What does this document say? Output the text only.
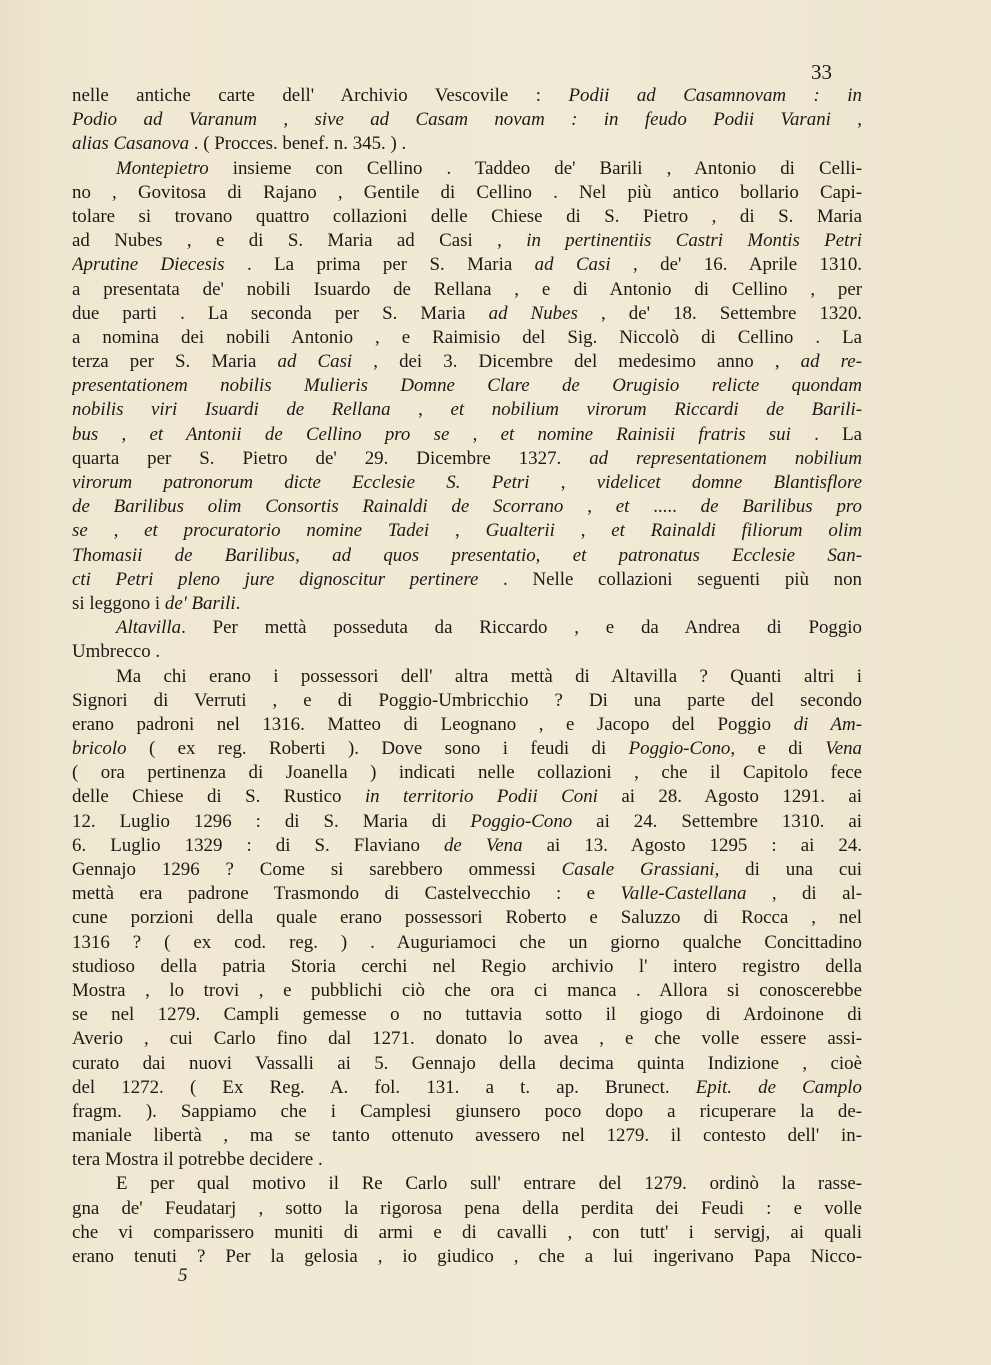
33
nelle antiche carte dell' Archivio Vescovile : Podii ad Casamnovam : in
Podio ad Varanum , sive ad Casam novam : in feudo Podii Varani ,
alias Casanova . ( Procces. benef. n. 345. ) .
Montepietro insieme con Cellino . Taddeo de' Barili , Antonio di Celli-
no , Govitosa di Rajano , Gentile di Cellino . Nel più antico bollario Capi-
tolare si trovano quattro collazioni delle Chiese di S. Pietro , di S. Maria
ad Nubes , e di S. Maria ad Casi , in pertinentiis Castri Montis Petri
Aprutine Diecesis . La prima per S. Maria ad Casi , de' 16. Aprile 1310.
a presentata de' nobili Isuardo de Rellana , e di Antonio di Cellino , per
due parti . La seconda per S. Maria ad Nubes , de' 18. Settembre 1320.
a nomina dei nobili Antonio , e Raimisio del Sig. Niccolò di Cellino . La
terza per S. Maria ad Casi , dei 3. Dicembre del medesimo anno , ad re-
presentationem nobilis Mulieris Domne Clare de Orugisio relicte quondam
nobilis viri Isuardi de Rellana , et nobilium virorum Riccardi de Barili-
bus , et Antonii de Cellino pro se , et nomine Rainisii fratris sui . La
quarta per S. Pietro de' 29. Dicembre 1327. ad representationem nobilium
virorum patronorum dicte Ecclesie S. Petri , videlicet domne Blantisflore
de Barilibus olim Consortis Rainaldi de Scorrano , et ..... de Barilibus pro
se , et procuratorio nomine Tadei , Gualterii , et Rainaldi filiorum olim
Thomasii de Barilibus, ad quos presentatio, et patronatus Ecclesie San-
cti Petri pleno jure dignoscitur pertinere . Nelle collazioni seguenti più non
si leggono i de' Barili.
Altavilla. Per mettà posseduta da Riccardo , e da Andrea di Poggio
Umbrecco .
Ma chi erano i possessori dell' altra mettà di Altavilla ? Quanti altri i
Signori di Verruti , e di Poggio-Umbricchio ? Di una parte del secondo
erano padroni nel 1316. Matteo di Leognano , e Jacopo del Poggio di Am-
bricolo ( ex reg. Roberti ). Dove sono i feudi di Poggio-Cono, e di Vena
( ora pertinenza di Joanella ) indicati nelle collazioni , che il Capitolo fece
delle Chiese di S. Rustico in territorio Podii Coni ai 28. Agosto 1291. ai
12. Luglio 1296 : di S. Maria di Poggio-Cono ai 24. Settembre 1310. ai
6. Luglio 1329 : di S. Flaviano de Vena ai 13. Agosto 1295 : ai 24.
Gennajo 1296 ? Come si sarebbero ommessi Casale Grassiani, di una cui
mettà era padrone Trasmondo di Castelvecchio : e Valle-Castellana , di al-
cune porzioni della quale erano possessori Roberto e Saluzzo di Rocca , nel
1316 ? ( ex cod. reg. ) . Auguriamoci che un giorno qualche Concittadino
studioso della patria Storia cerchi nel Regio archivio l' intero registro della
Mostra , lo trovi , e pubblichi ciò che ora ci manca . Allora si conoscerebbe
se nel 1279. Campli gemesse o no tuttavia sotto il giogo di Ardoinone di
Averio , cui Carlo fino dal 1271. donato lo avea , e che volle essere assi-
curato dai nuovi Vassalli ai 5. Gennajo della decima quinta Indizione , cioè
del 1272. ( Ex Reg. A. fol. 131. a t. ap. Brunect. Epit. de Camplo
fragm. ). Sappiamo che i Camplesi giunsero poco dopo a ricuperare la de-
maniale libertà , ma se tanto ottenuto avessero nel 1279. il contesto dell' in-
tera Mostra il potrebbe decidere .
E per qual motivo il Re Carlo sull' entrare del 1279. ordinò la rasse-
gna de' Feudatarj , sotto la rigorosa pena della perdita dei Feudi : e volle
che vi comparissero muniti di armi e di cavalli , con tutt' i servigj, ai quali
erano tenuti ? Per la gelosia , io giudico , che a lui ingerivano Papa Nicco-
5
